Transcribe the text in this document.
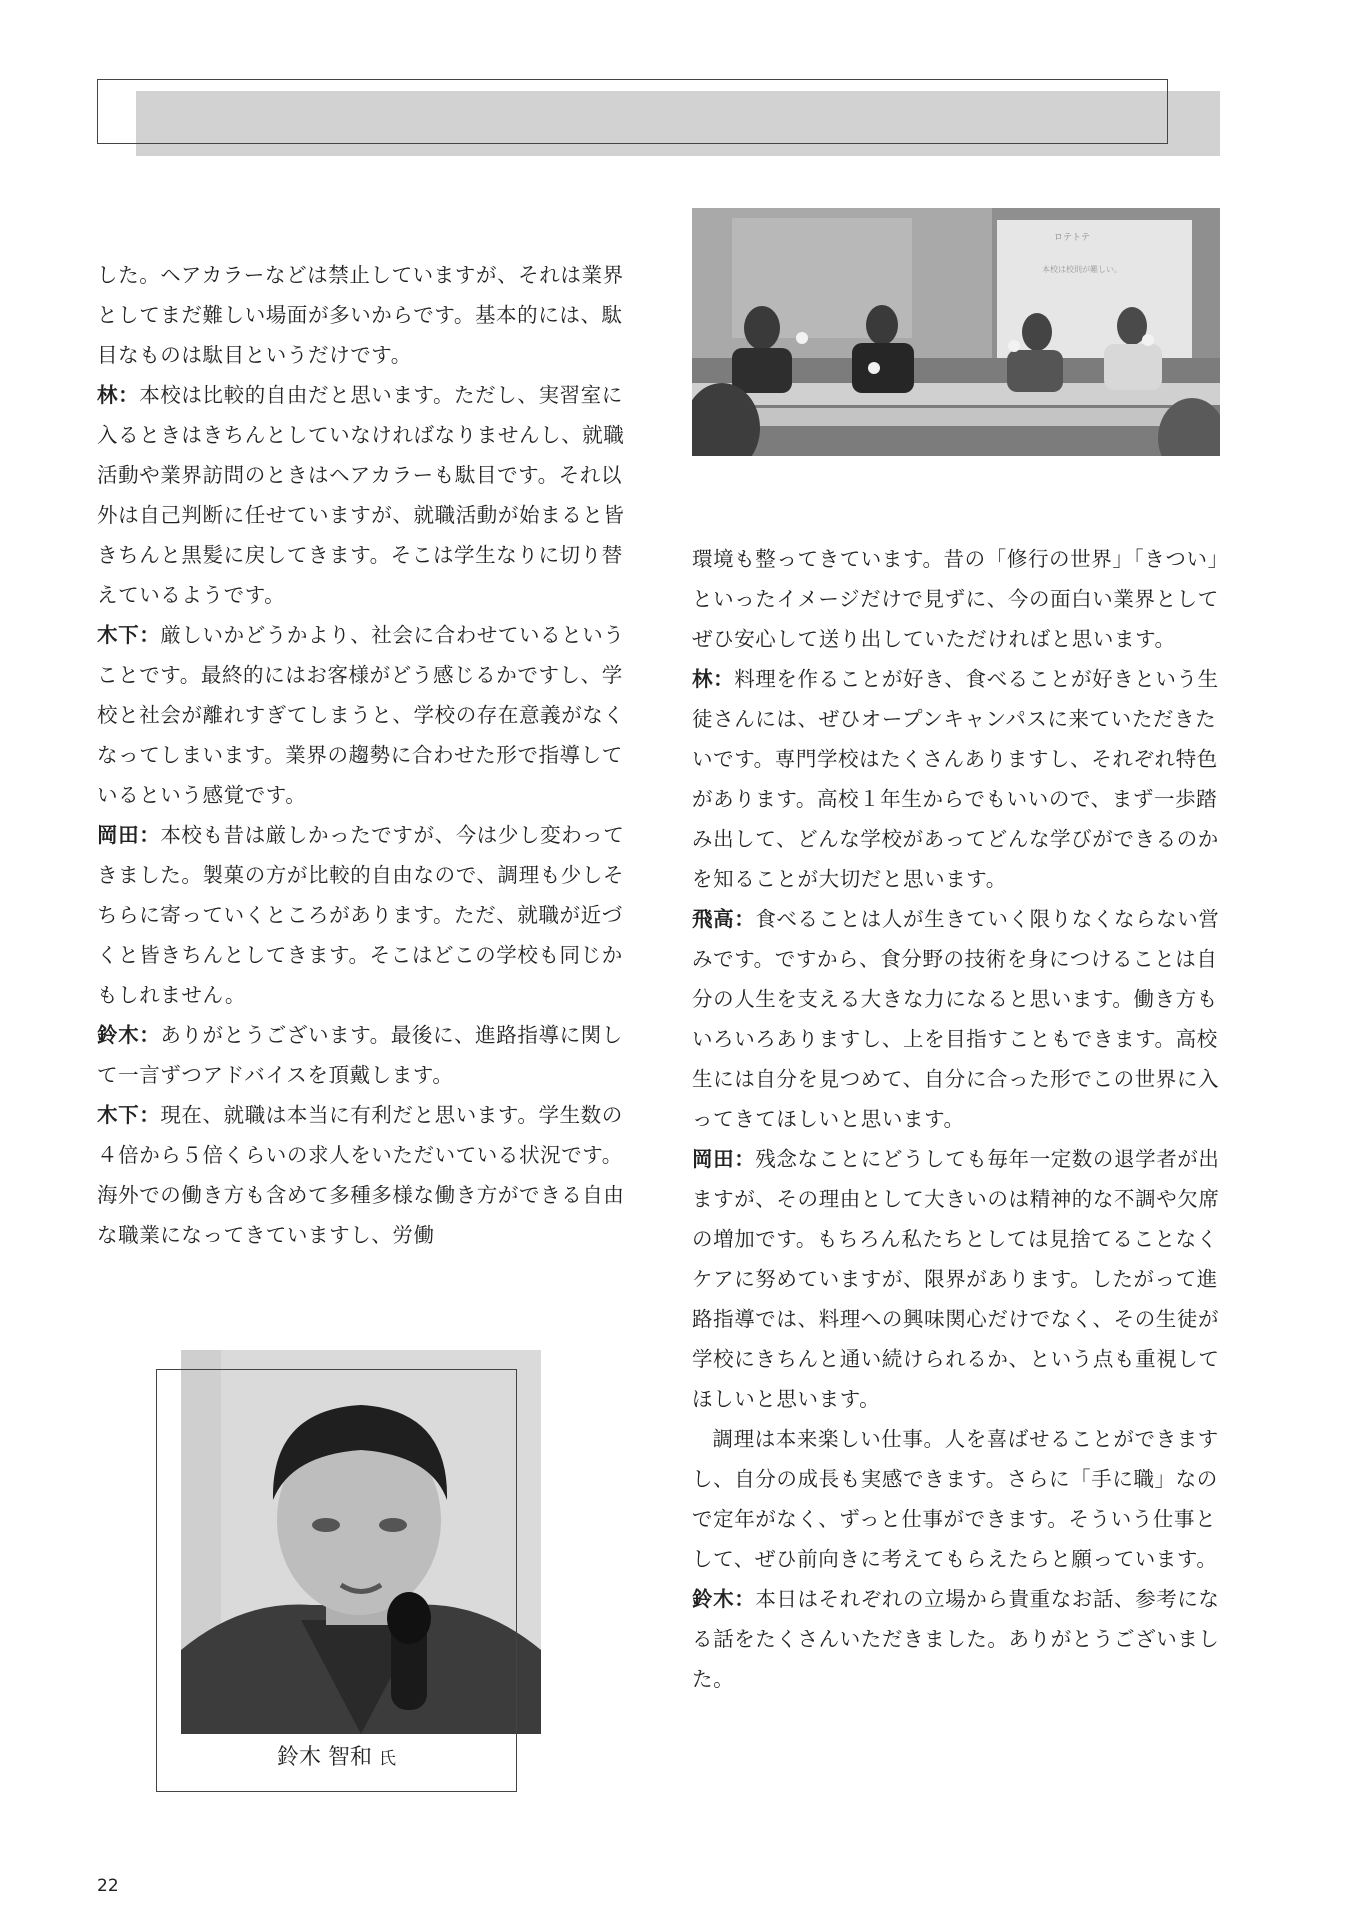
した。ヘアカラーなどは禁止していますが、それは業界としてまだ難しい場面が多いからです。基本的には、駄目なものは駄目というだけです。

林：本校は比較的自由だと思います。ただし、実習室に入るときはきちんとしていなければなりませんし、就職活動や業界訪問のときはヘアカラーも駄目です。それ以外は自己判断に任せていますが、就職活動が始まると皆きちんと黒髪に戻してきます。そこは学生なりに切り替えているようです。

木下：厳しいかどうかより、社会に合わせているということです。最終的にはお客様がどう感じるかですし、学校と社会が離れすぎてしまうと、学校の存在意義がなくなってしまいます。業界の趨勢に合わせた形で指導しているという感覚です。

岡田：本校も昔は厳しかったですが、今は少し変わってきました。製菓の方が比較的自由なので、調理も少しそちらに寄っていくところがあります。ただ、就職が近づくと皆きちんとしてきます。そこはどこの学校も同じかもしれません。

鈴木：ありがとうございます。最後に、進路指導に関して一言ずつアドバイスを頂戴します。

木下：現在、就職は本当に有利だと思います。学生数の４倍から５倍くらいの求人をいただいている状況です。海外での働き方も含めて多種多様な働き方ができる自由な職業になってきていますし、労働

ロテトテ
本校は校則が難しい。

環境も整ってきています。昔の「修行の世界」「きつい」といったイメージだけで見ずに、今の面白い業界としてぜひ安心して送り出していただければと思います。

林：料理を作ることが好き、食べることが好きという生徒さんには、ぜひオープンキャンパスに来ていただきたいです。専門学校はたくさんありますし、それぞれ特色があります。高校１年生からでもいいので、まず一歩踏み出して、どんな学校があってどんな学びができるのかを知ることが大切だと思います。

飛高：食べることは人が生きていく限りなくならない営みです。ですから、食分野の技術を身につけることは自分の人生を支える大きな力になると思います。働き方もいろいろありますし、上を目指すこともできます。高校生には自分を見つめて、自分に合った形でこの世界に入ってきてほしいと思います。

岡田：残念なことにどうしても毎年一定数の退学者が出ますが、その理由として大きいのは精神的な不調や欠席の増加です。もちろん私たちとしては見捨てることなくケアに努めていますが、限界があります。したがって進路指導では、料理への興味関心だけでなく、その生徒が学校にきちんと通い続けられるか、という点も重視してほしいと思います。

調理は本来楽しい仕事。人を喜ばせることができますし、自分の成長も実感できます。さらに「手に職」なので定年がなく、ずっと仕事ができます。そういう仕事として、ぜひ前向きに考えてもらえたらと願っています。

鈴木：本日はそれぞれの立場から貴重なお話、参考になる話をたくさんいただきました。ありがとうございました。

鈴木 智和 氏
22
